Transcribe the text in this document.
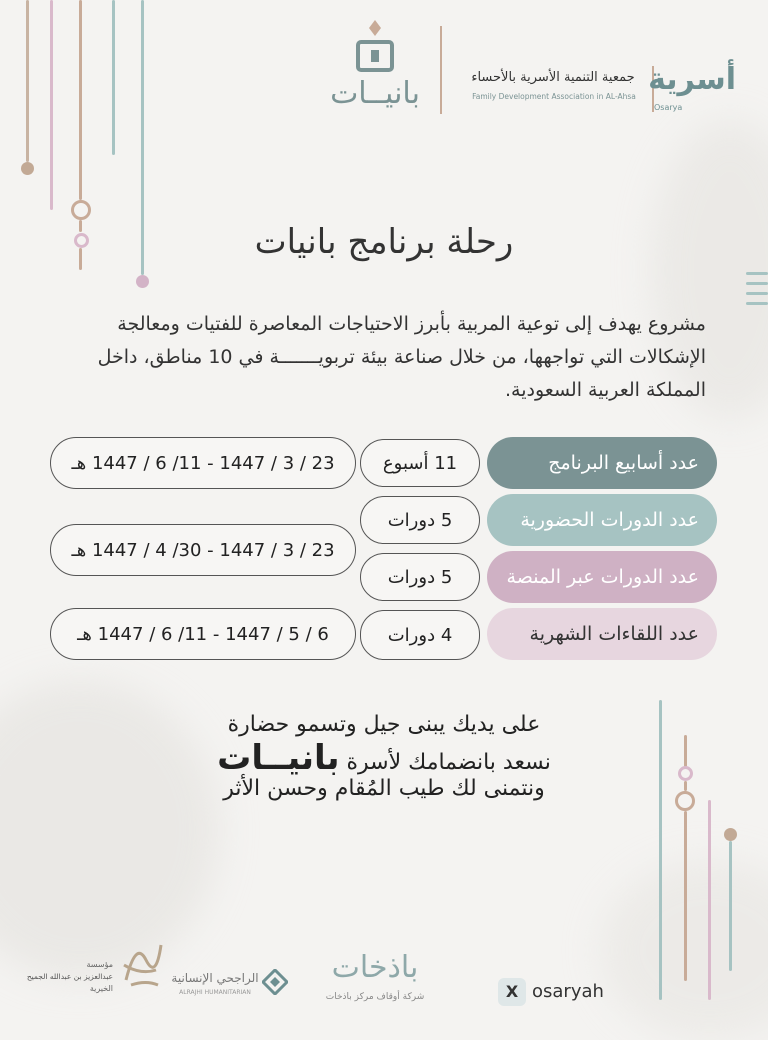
بانيــات	جمعية التنمية الأسرية بالأحساء
Family Development Association in AL-Ahsa أسرية
Osarya
رحلة برنامج بانيات
مشروع يهدف إلى توعية المربية بأبرز الاحتياجات المعاصرة للفتيات ومعالجة الإشكالات التي تواجهها، من خلال صناعة بيئة تربويـــــــة في 10 مناطق، داخل المملكة العربية السعودية.
عدد أسابيع البرنامج
11 أسبوع
23 / 3 / 1447 - 11/ 6 / 1447 هـ
عدد الدورات الحضورية
5 دورات
23 / 3 / 1447 - 30/ 4 / 1447 هـ
عدد الدورات عبر المنصة
5 دورات
عدد اللقاءات الشهرية
4 دورات
6 / 5 / 1447 - 11/ 6 / 1447 هـ
على يديك يبنى جيل وتسمو حضارة
نسعد بانضمامك لأسرة بانيــات
ونتمنى لك طيب المُقام وحسن الأثر
X osaryah
باذخات
شركة أوقاف مركز باذخات
الراجحي الإنسانية
ALRAJHI HUMANITARIAN
مؤسسة
عبدالعزيز بن عبدالله الجميح
الخيرية
